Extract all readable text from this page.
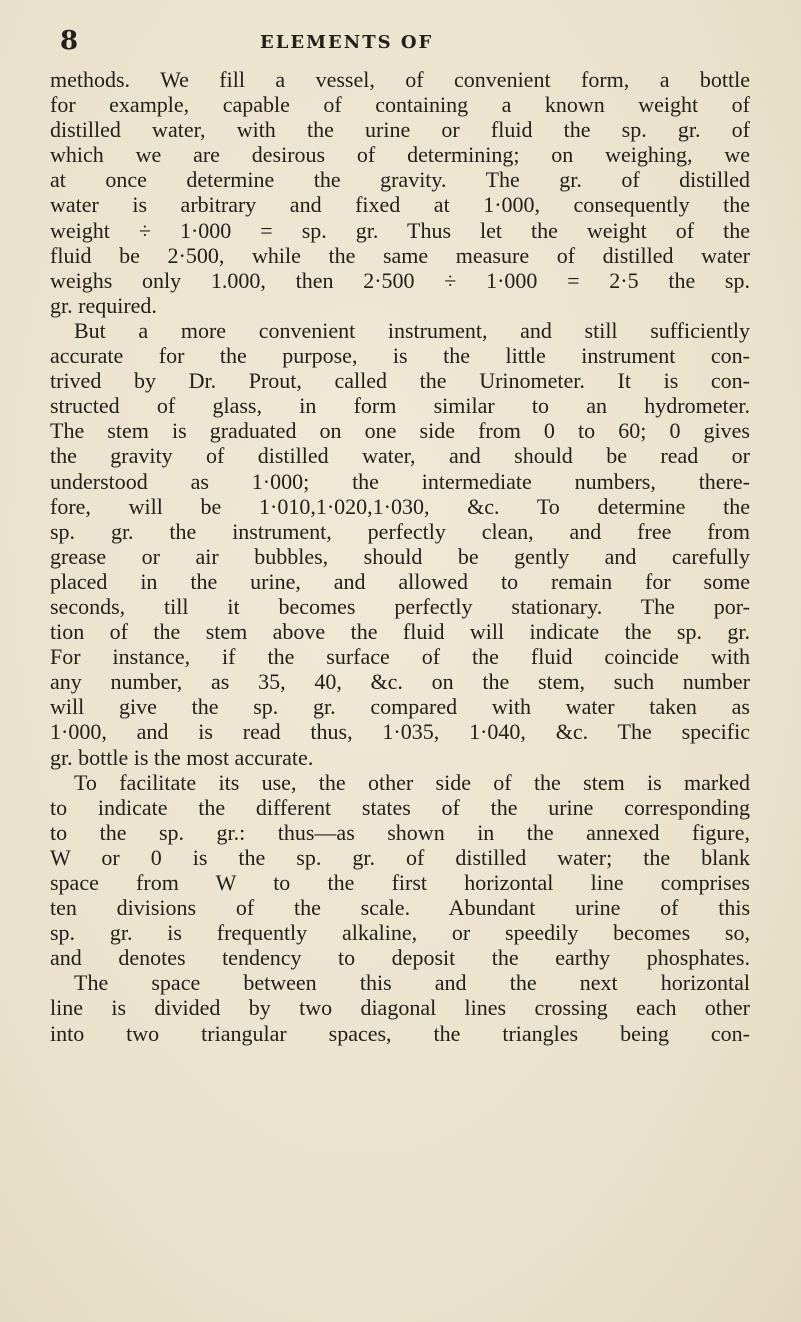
8	ELEMENTS OF
methods. We fill a vessel, of convenient form, a bottle
for example, capable of containing a known weight of
distilled water, with the urine or fluid the sp. gr. of
which we are desirous of determining; on weighing, we
at once determine the gravity. The gr. of distilled
water is arbitrary and fixed at 1·000, consequently the
weight ÷ 1·000 = sp. gr. Thus let the weight of the
fluid be 2·500, while the same measure of distilled water
weighs only 1.000, then 2·500 ÷ 1·000 = 2·5 the sp.
gr. required.
But a more convenient instrument, and still sufficiently
accurate for the purpose, is the little instrument con-
trived by Dr. Prout, called the Urinometer. It is con-
structed of glass, in form similar to an hydrometer.
The stem is graduated on one side from 0 to 60; 0 gives
the gravity of distilled water, and should be read or
understood as 1·000; the intermediate numbers, there-
fore, will be 1·010,1·020,1·030, &c. To determine the
sp. gr. the instrument, perfectly clean, and free from
grease or air bubbles, should be gently and carefully
placed in the urine, and allowed to remain for some
seconds, till it becomes perfectly stationary. The por-
tion of the stem above the fluid will indicate the sp. gr.
For instance, if the surface of the fluid coincide with
any number, as 35, 40, &c. on the stem, such number
will give the sp. gr. compared with water taken as
1·000, and is read thus, 1·035, 1·040, &c. The specific
gr. bottle is the most accurate.
To facilitate its use, the other side of the stem is marked
to indicate the different states of the urine corresponding
to the sp. gr.: thus—as shown in the annexed figure,
W or 0 is the sp. gr. of distilled water; the blank
space from W to the first horizontal line comprises
ten divisions of the scale. Abundant urine of this
sp. gr. is frequently alkaline, or speedily becomes so,
and denotes tendency to deposit the earthy phosphates.
The space between this and the next horizontal
line is divided by two diagonal lines crossing each other
into two triangular spaces, the triangles being con-
